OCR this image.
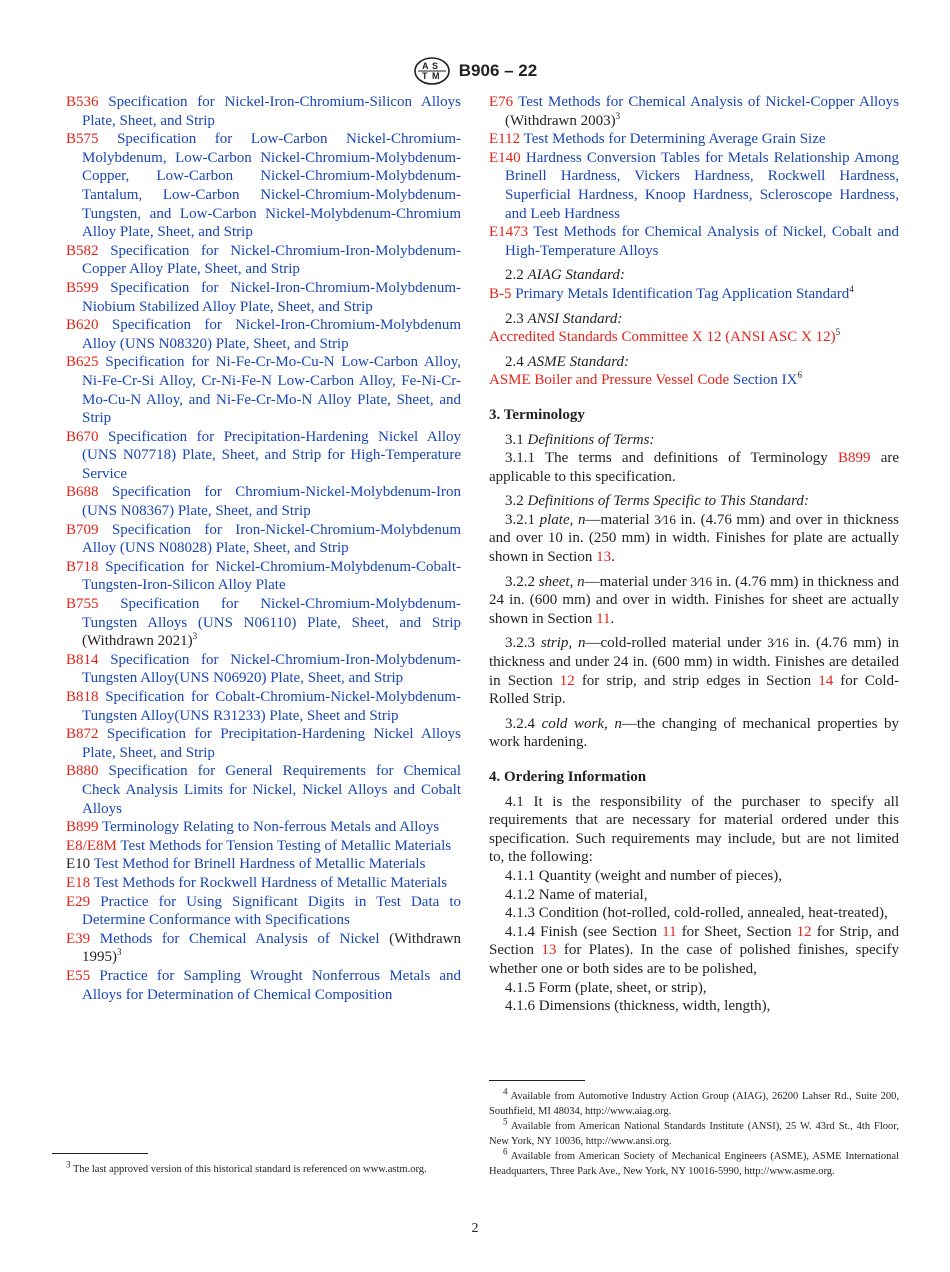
A S
T M B906 – 22

B536 Specification for Nickel-Iron-Chromium-Silicon Alloys Plate, Sheet, and Strip

B575 Specification for Low-Carbon Nickel-Chromium-Molybdenum, Low-Carbon Nickel-Chromium-Molybdenum-Copper, Low-Carbon Nickel-Chromium-Molybdenum-Tantalum, Low-Carbon Nickel-Chromium-Molybdenum-Tungsten, and Low-Carbon Nickel-Molybdenum-Chromium Alloy Plate, Sheet, and Strip

B582 Specification for Nickel-Chromium-Iron-Molybdenum-Copper Alloy Plate, Sheet, and Strip

B599 Specification for Nickel-Iron-Chromium-Molybdenum-Niobium Stabilized Alloy Plate, Sheet, and Strip

B620 Specification for Nickel-Iron-Chromium-Molybdenum Alloy (UNS N08320) Plate, Sheet, and Strip

B625 Specification for Ni-Fe-Cr-Mo-Cu-N Low-Carbon Alloy, Ni-Fe-Cr-Si Alloy, Cr-Ni-Fe-N Low-Carbon Alloy, Fe-Ni-Cr-Mo-Cu-N Alloy, and Ni-Fe-Cr-Mo-N Alloy Plate, Sheet, and Strip

B670 Specification for Precipitation-Hardening Nickel Alloy (UNS N07718) Plate, Sheet, and Strip for High-Temperature Service

B688 Specification for Chromium-Nickel-Molybdenum-Iron (UNS N08367) Plate, Sheet, and Strip

B709 Specification for Iron-Nickel-Chromium-Molybdenum Alloy (UNS N08028) Plate, Sheet, and Strip

B718 Specification for Nickel-Chromium-Molybdenum-Cobalt-Tungsten-Iron-Silicon Alloy Plate

B755 Specification for Nickel-Chromium-Molybdenum-Tungsten Alloys (UNS N06110) Plate, Sheet, and Strip (Withdrawn 2021)$^3$

B814 Specification for Nickel-Chromium-Iron-Molybdenum-Tungsten Alloy(UNS N06920) Plate, Sheet, and Strip

B818 Specification for Cobalt-Chromium-Nickel-Molybdenum-Tungsten Alloy(UNS R31233) Plate, Sheet and Strip

B872 Specification for Precipitation-Hardening Nickel Alloys Plate, Sheet, and Strip

B880 Specification for General Requirements for Chemical Check Analysis Limits for Nickel, Nickel Alloys and Cobalt Alloys

B899 Terminology Relating to Non-ferrous Metals and Alloys

E8/E8M Test Methods for Tension Testing of Metallic Materials

E10 Test Method for Brinell Hardness of Metallic Materials

E18 Test Methods for Rockwell Hardness of Metallic Materials

E29 Practice for Using Significant Digits in Test Data to Determine Conformance with Specifications

E39 Methods for Chemical Analysis of Nickel (Withdrawn 1995)$^3$

E55 Practice for Sampling Wrought Nonferrous Metals and Alloys for Determination of Chemical Composition

E76 Test Methods for Chemical Analysis of Nickel-Copper Alloys (Withdrawn 2003)$^3$

E112 Test Methods for Determining Average Grain Size

E140 Hardness Conversion Tables for Metals Relationship Among Brinell Hardness, Vickers Hardness, Rockwell Hardness, Superficial Hardness, Knoop Hardness, Scleroscope Hardness, and Leeb Hardness

E1473 Test Methods for Chemical Analysis of Nickel, Cobalt and High-Temperature Alloys

2.2 AIAG Standard:

B-5 Primary Metals Identification Tag Application Standard$^4$

2.3 ANSI Standard:

Accredited Standards Committee X 12 (ANSI ASC X 12)$^5$

2.4 ASME Standard:

ASME Boiler and Pressure Vessel Code Section $IX^6$

3. Terminology

3.1 Definitions of Terms:

3.1.1 The terms and definitions of Terminology B899 are applicable to this specification.

3.2 Definitions of Terms Specific to This Standard:

3.2.1 plate, n—material 3⁄16 in. (4.76 mm) and over in thickness and over 10 in. (250 mm) in width. Finishes for plate are actually shown in Section 13.

3.2.2 sheet, n—material under 3⁄16 in. (4.76 mm) in thickness and 24 in. (600 mm) and over in width. Finishes for sheet are actually shown in Section 11.

3.2.3 strip, n—cold-rolled material under 3⁄16 in. (4.76 mm) in thickness and under 24 in. (600 mm) in width. Finishes are detailed in Section 12 for strip, and strip edges in Section 14 for Cold-Rolled Strip.

3.2.4 cold work, n—the changing of mechanical properties by work hardening.

4. Ordering Information

4.1 It is the responsibility of the purchaser to specify all requirements that are necessary for material ordered under this specification. Such requirements may include, but are not limited to, the following:

4.1.1 Quantity (weight and number of pieces),

4.1.2 Name of material,

4.1.3 Condition (hot-rolled, cold-rolled, annealed, heat-treated),

4.1.4 Finish (see Section 11 for Sheet, Section 12 for Strip, and Section 13 for Plates). In the case of polished finishes, specify whether one or both sides are to be polished,

4.1.5 Form (plate, sheet, or strip),

4.1.6 Dimensions (thickness, width, length),

3 The last approved version of this historical standard is referenced on www.astm.org.

4 Available from Automotive Industry Action Group (AIAG), 26200 Lahser Rd., Suite 200, Southfield, MI 48034, http://www.aiag.org.

5 Available from American National Standards Institute (ANSI), 25 W. 43rd St., 4th Floor, New York, NY 10036, http://www.ansi.org.

6 Available from American Society of Mechanical Engineers (ASME), ASME International Headquarters, Three Park Ave., New York, NY 10016-5990, http://www.asme.org.

2
